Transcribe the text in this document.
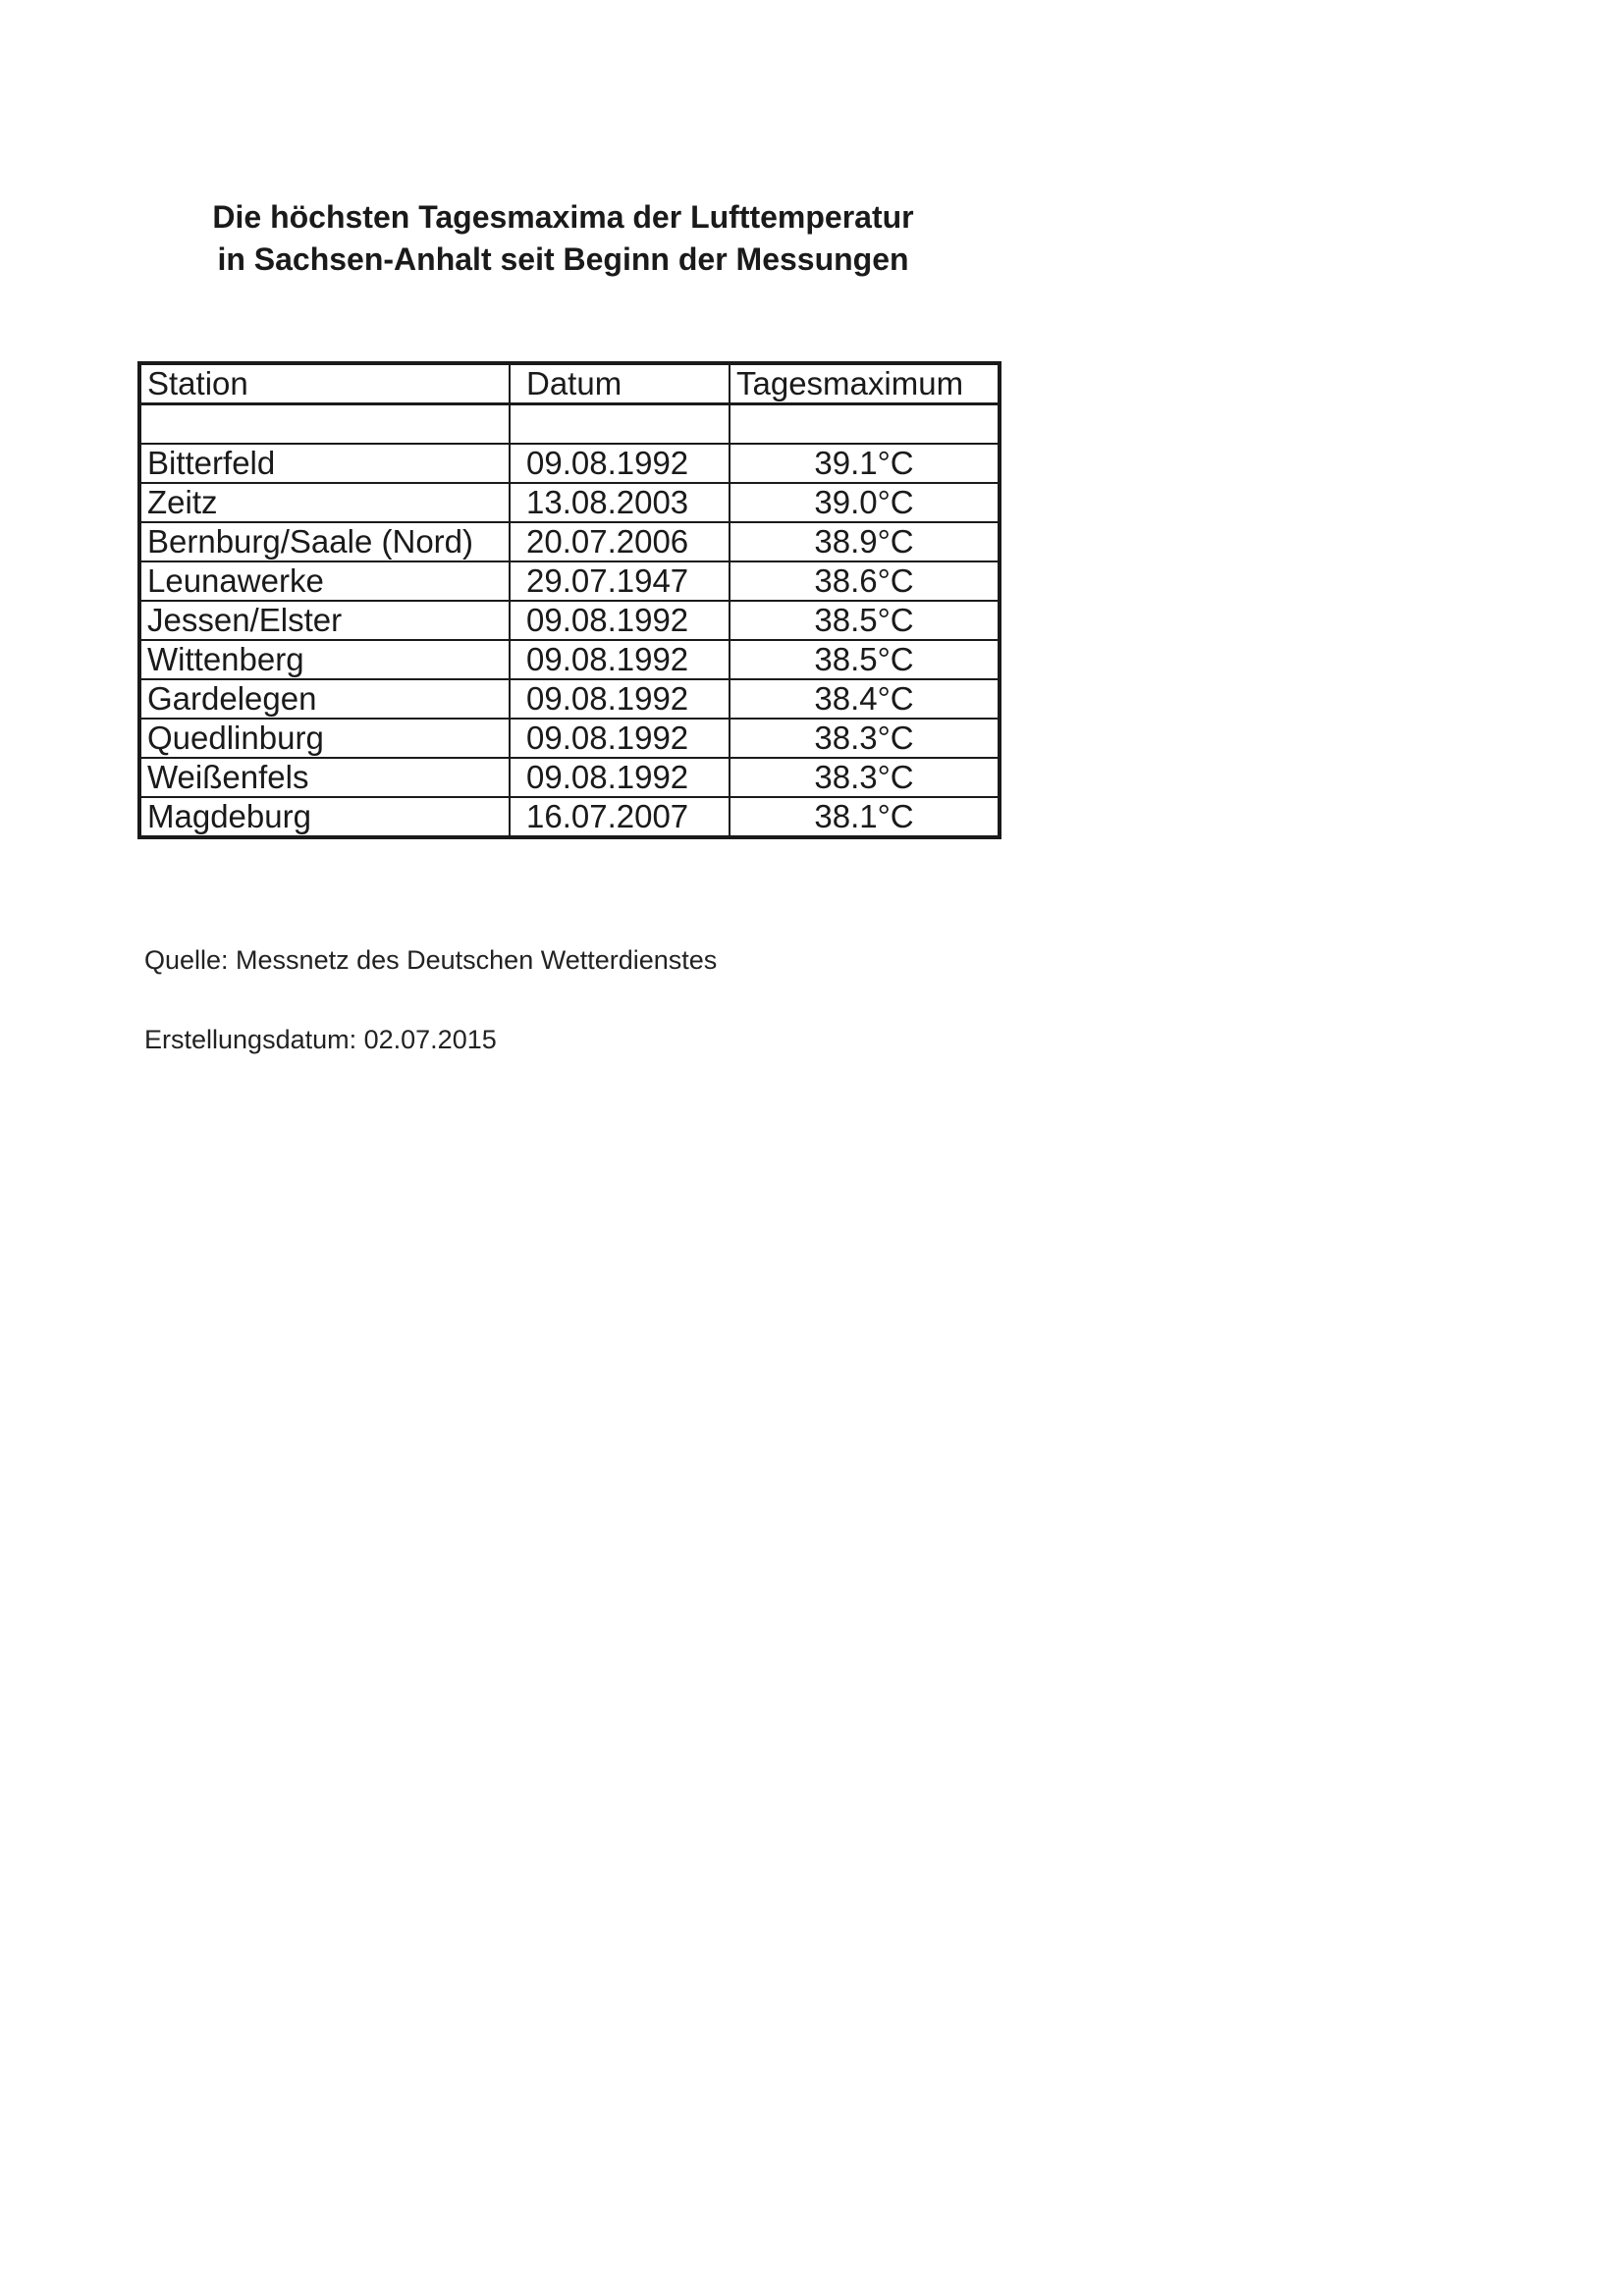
Die höchsten Tagesmaxima der Lufttemperatur
in Sachsen-Anhalt seit Beginn der Messungen
Station	Datum	Tagesmaximum

Bitterfeld	09.08.1992	39.1°C
Zeitz	13.08.2003	39.0°C
Bernburg/Saale (Nord)	20.07.2006	38.9°C
Leunawerke	29.07.1947	38.6°C
Jessen/Elster	09.08.1992	38.5°C
Wittenberg	09.08.1992	38.5°C
Gardelegen	09.08.1992	38.4°C
Quedlinburg	09.08.1992	38.3°C
Weißenfels	09.08.1992	38.3°C
Magdeburg	16.07.2007	38.1°C
Quelle: Messnetz des Deutschen Wetterdienstes
Erstellungsdatum: 02.07.2015
